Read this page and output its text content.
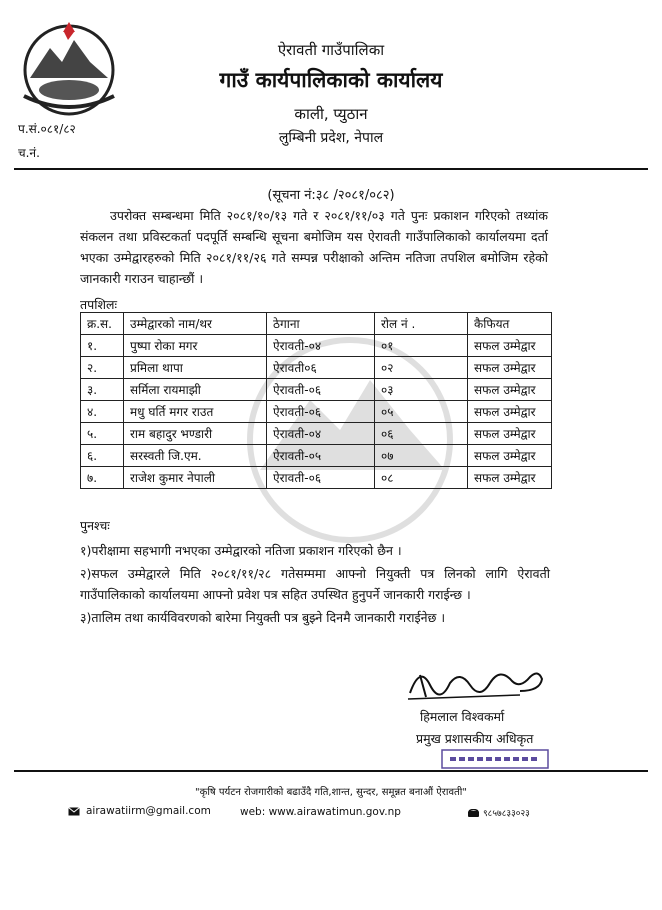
ऐरावती गाउँपालिका
गाउँ कार्यपालिकाको कार्यालय
काली, प्युठान
लुम्बिनी प्रदेश, नेपाल
प.सं.०८१/८२
च.नं.
(सूचना नं:३८ /२०८१/०८२)
उपरोक्त सम्बन्धमा मिति २०८१/१०/१३ गते र २०८१/११/०३ गते पुनः प्रकाशन गरिएको तथ्यांक संकलन तथा प्रविस्टकर्ता पदपूर्ति सम्बन्धि सूचना बमोजिम यस ऐरावती गाउँपालिकाको कार्यालयमा दर्ता भएका उम्मेद्वारहरुको मिति २०८१/११/२६ गते सम्पन्न परीक्षाको अन्तिम नतिजा तपशिल बमोजिम रहेको जानकारी गराउन चाहान्छौं ।
तपशिलः
क्र.स.	उम्मेद्वारको नाम/थर	ठेगाना	रोल नं .	कैफियत
१.	पुष्पा रोका मगर	ऐरावती-०४	०१	सफल उम्मेद्वार
२.	प्रमिला थापा	ऐरावती०६	०२	सफल उम्मेद्वार
३.	सर्मिला रायमाझी	ऐरावती-०६	०३	सफल उम्मेद्वार
४.	मधु घर्ति मगर राउत	ऐरावती-०६	०५	सफल उम्मेद्वार
५.	राम बहादुर भण्डारी	ऐरावती-०४	०६	सफल उम्मेद्वार
६.	सरस्वती जि.एम.	ऐरावती-०५	०७	सफल उम्मेद्वार
७.	राजेश कुमार नेपाली	ऐरावती-०६	०८	सफल उम्मेद्वार
पुनश्चः

१)परीक्षामा सहभागी नभएका उम्मेद्वारको नतिजा प्रकाशन गरिएको छैन ।

२)सफल उम्मेद्वारले मिति २०८१/११/२८ गतेसम्ममा आफ्नो नियुक्ती पत्र लिनको लागि ऐरावती गाउँपालिकाको कार्यालयमा आफ्नो प्रवेश पत्र सहित उपस्थित हुनुपर्ने जानकारी गराईन्छ ।

३)तालिम तथा कार्यविवरणको बारेमा नियुक्ती पत्र बुझ्ने दिनमै जानकारी गराईनेछ ।

हिमलाल विश्वकर्मा
प्रमुख प्रशासकीय अधिकृत
"कृषि पर्यटन रोजगारीको बढाउँदै गति,शान्त, सुन्दर, समून्नत बनाऔं ऐरावती"
airawatiirm@gmail.com	web: www.airawatimun.gov.np	९८५७८३३०२३
